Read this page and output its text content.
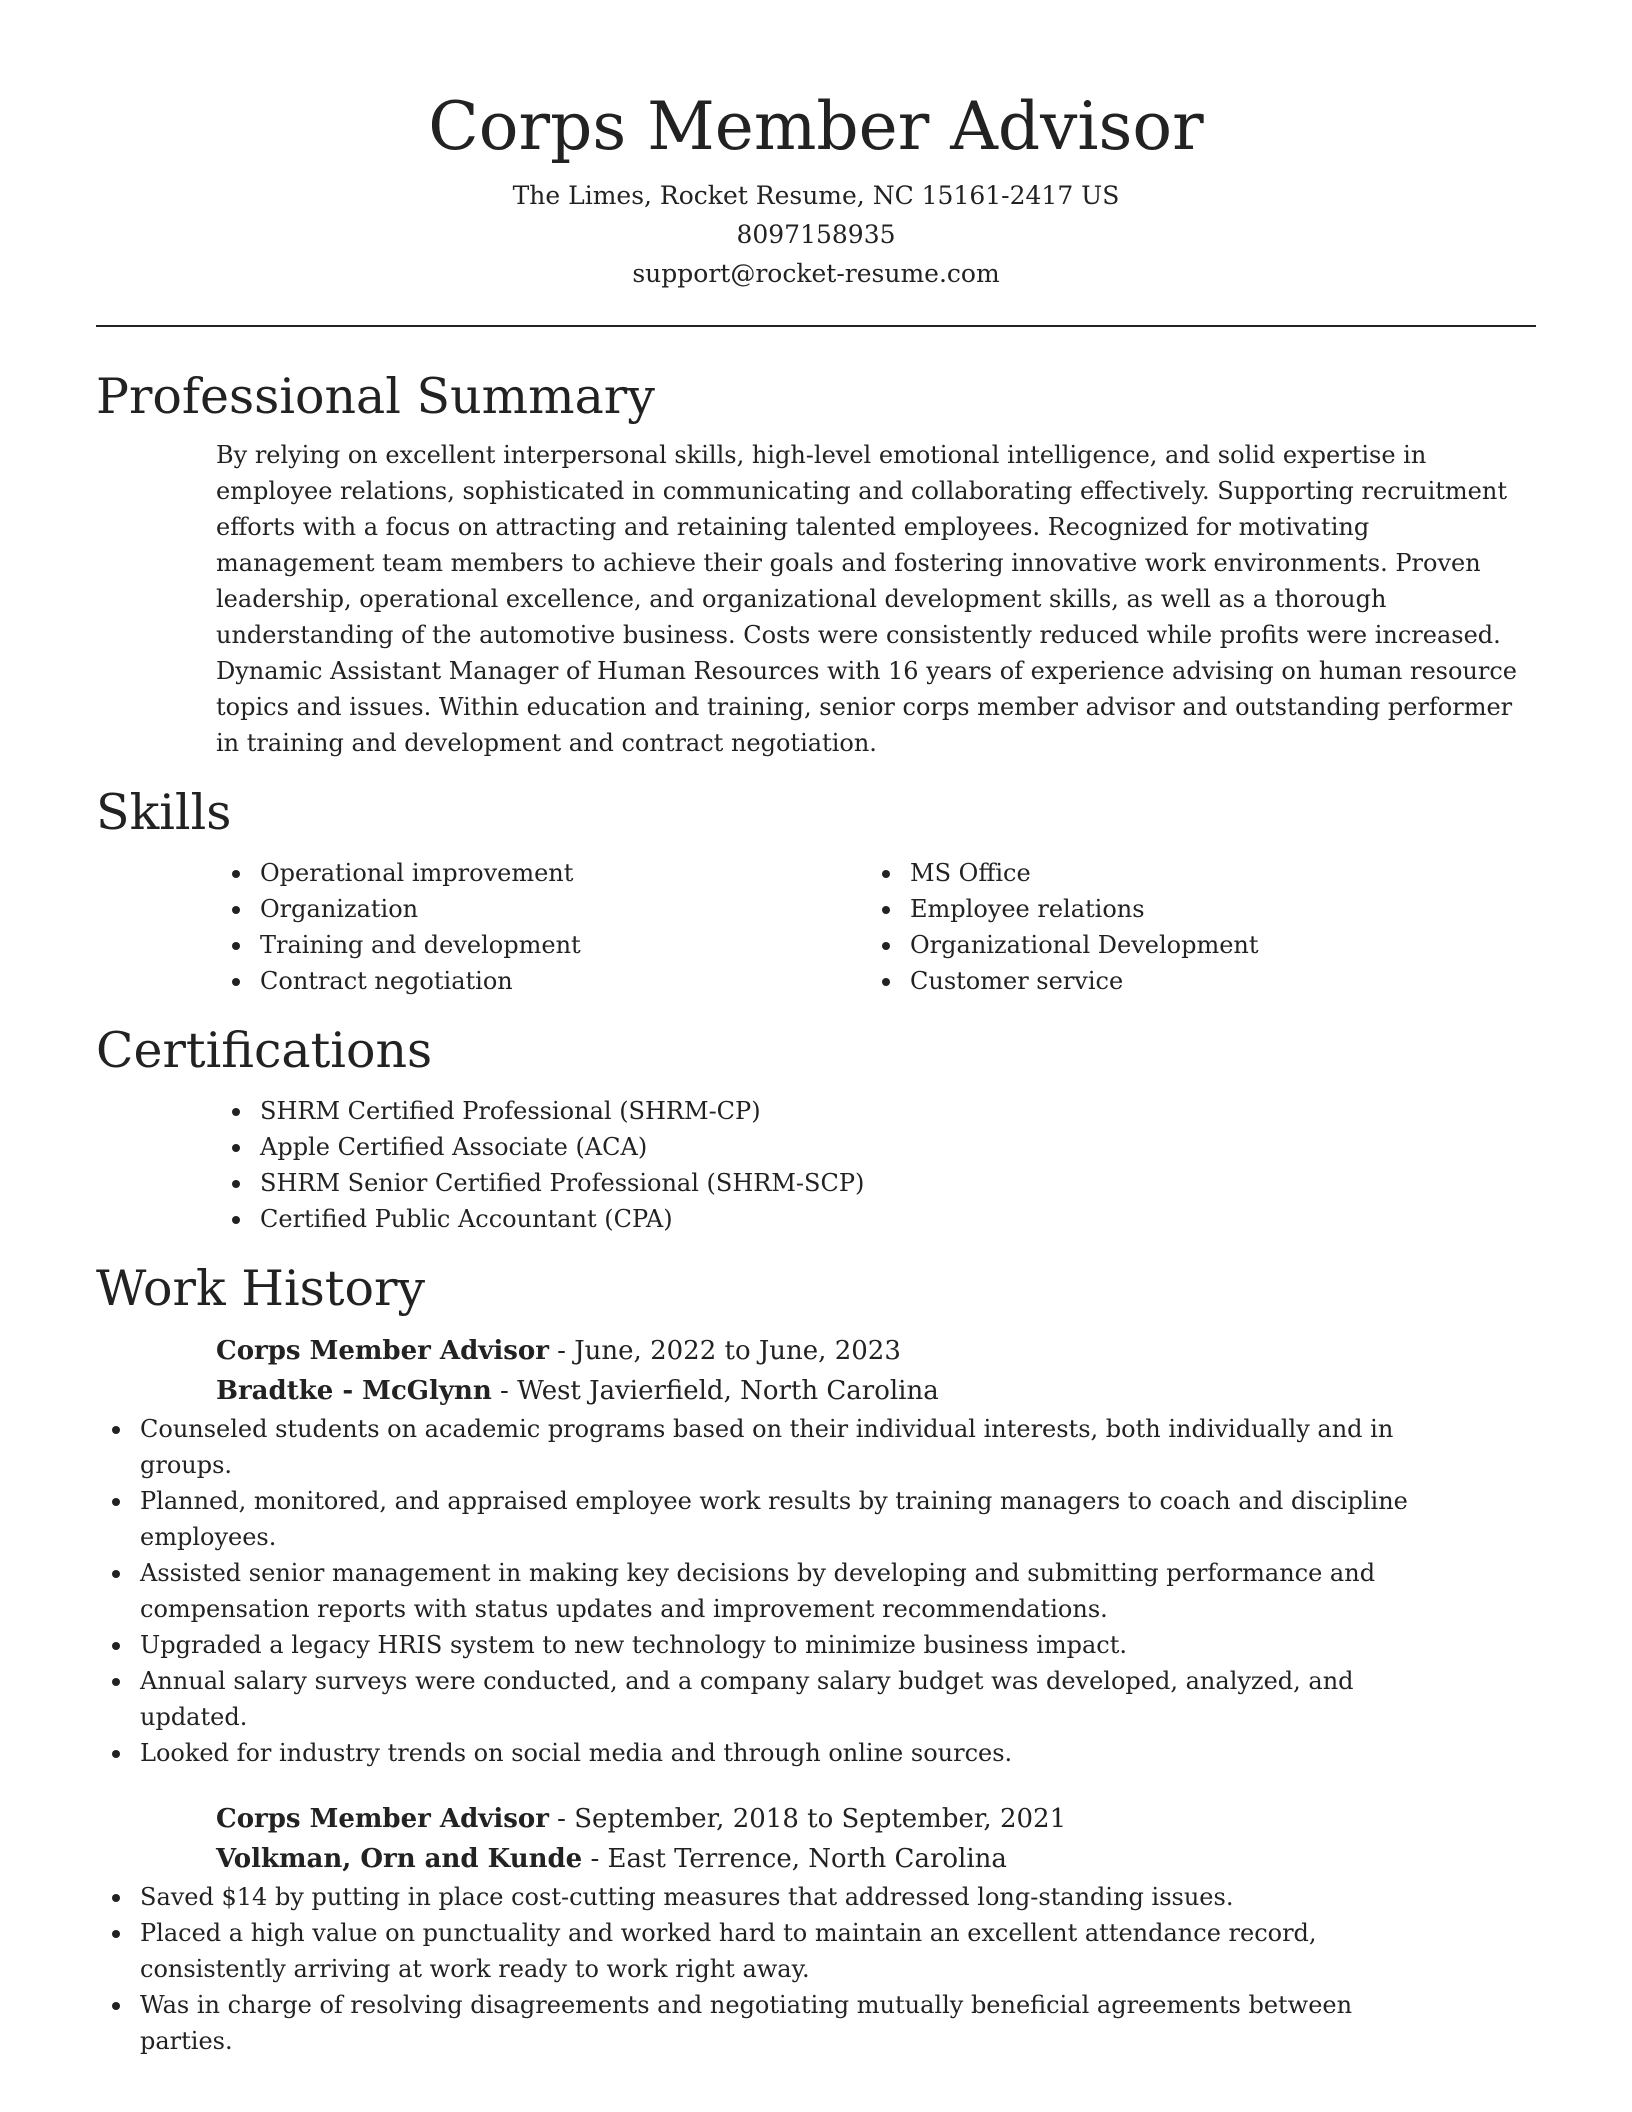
Corps Member Advisor
The Limes, Rocket Resume, NC 15161-2417 US
8097158935
support@rocket-resume.com
Professional Summary

By relying on excellent interpersonal skills, high-level emotional intelligence, and solid expertise in employee relations, sophisticated in communicating and collaborating effectively. Supporting recruitment efforts with a focus on attracting and retaining talented employees. Recognized for motivating management team members to achieve their goals and fostering innovative work environments. Proven leadership, operational excellence, and organizational development skills, as well as a thorough understanding of the automotive business. Costs were consistently reduced while profits were increased. Dynamic Assistant Manager of Human Resources with 16 years of experience advising on human resource topics and issues. Within education and training, senior corps member advisor and outstanding performer in training and development and contract negotiation.

Skills
Operational improvement
Organization
Training and development
Contract negotiation
MS Office
Employee relations
Organizational Development
Customer service
Certifications
SHRM Certified Professional (SHRM-CP)
Apple Certified Associate (ACA)
SHRM Senior Certified Professional (SHRM-SCP)
Certified Public Accountant (CPA)
Work History
Corps Member Advisor - June, 2022 to June, 2023
Bradtke - McGlynn - West Javierfield, North Carolina
Counseled students on academic programs based on their individual interests, both individually and in groups.
Planned, monitored, and appraised employee work results by training managers to coach and discipline employees.
Assisted senior management in making key decisions by developing and submitting performance and compensation reports with status updates and improvement recommendations.
Upgraded a legacy HRIS system to new technology to minimize business impact.
Annual salary surveys were conducted, and a company salary budget was developed, analyzed, and updated.
Looked for industry trends on social media and through online sources.
Corps Member Advisor - September, 2018 to September, 2021
Volkman, Orn and Kunde - East Terrence, North Carolina
Saved $14 by putting in place cost-cutting measures that addressed long-standing issues.
Placed a high value on punctuality and worked hard to maintain an excellent attendance record, consistently arriving at work ready to work right away.
Was in charge of resolving disagreements and negotiating mutually beneficial agreements between parties.
